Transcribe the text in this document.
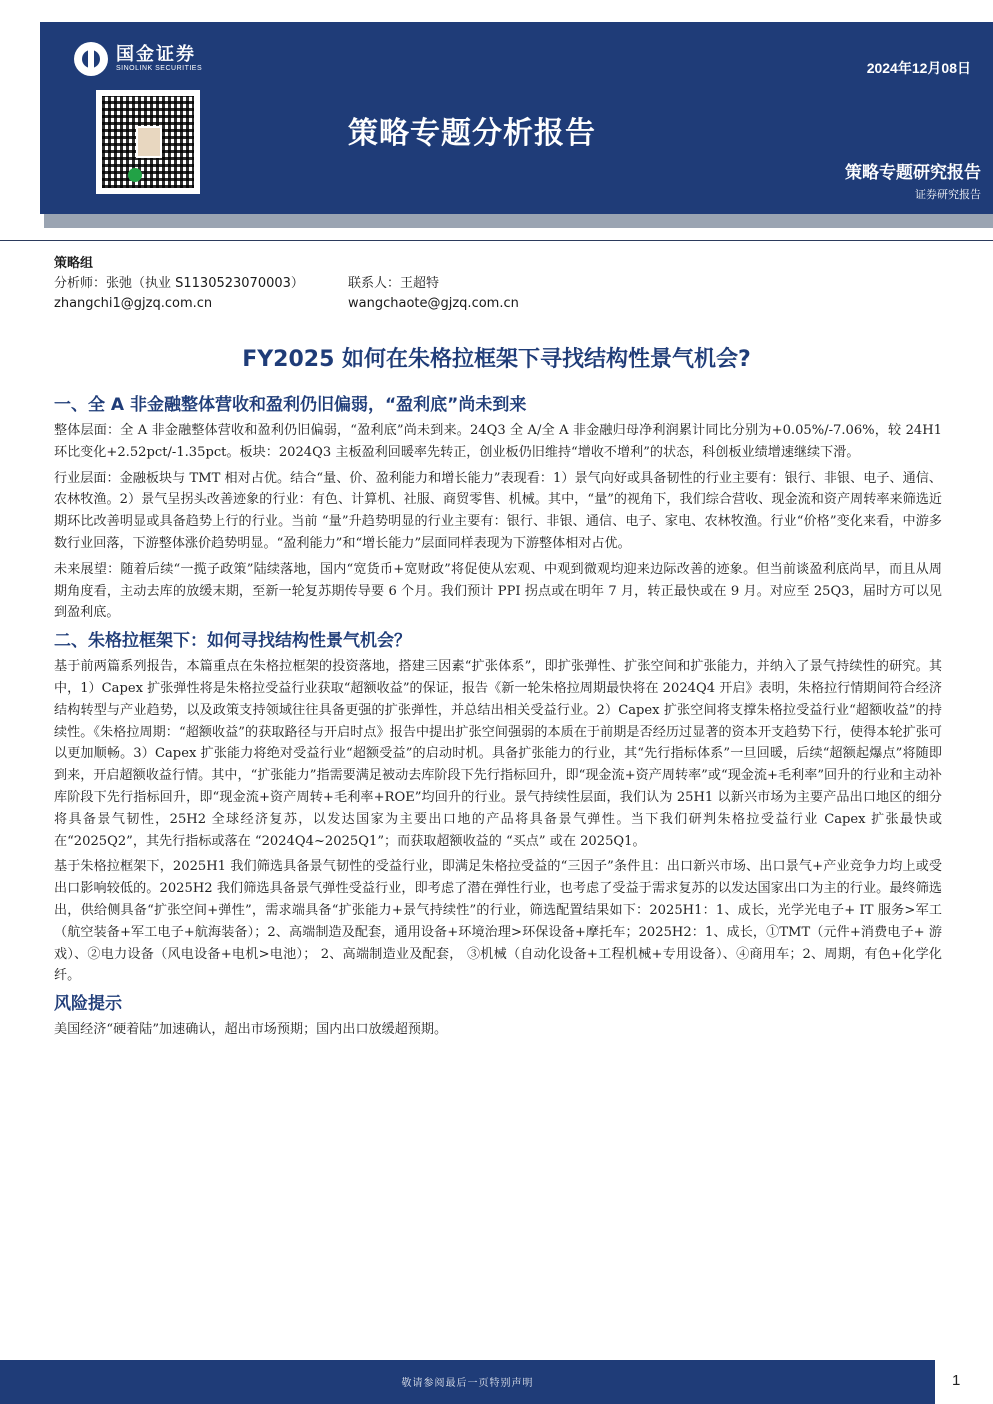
国金证券
SINOLINK SECURITIES	2024年12月08日
策略专题分析报告
策略专题研究报告
证券研究报告
策略组
分析师：张弛（执业 S1130523070003）	联系人：王超特
zhangchi1@gjzq.com.cn	wangchaote@gjzq.com.cn
FY2025 如何在朱格拉框架下寻找结构性景气机会?
一、全 A 非金融整体营收和盈利仍旧偏弱，“盈利底”尚未到来

整体层面：全 A 非金融整体营收和盈利仍旧偏弱，“盈利底”尚未到来。24Q3 全 A/全 A 非金融归母净利润累计同比分别为+0.05%/-7.06%，较 24H1 环比变化+2.52pct/-1.35pct。板块：2024Q3 主板盈利回暖率先转正，创业板仍旧维持“增收不增利”的状态，科创板业绩增速继续下滑。

行业层面：金融板块与 TMT 相对占优。结合“量、价、盈利能力和增长能力”表现看：1）景气向好或具备韧性的行业主要有：银行、非银、电子、通信、农林牧渔。2）景气呈拐头改善迹象的行业：有色、计算机、社服、商贸零售、机械。其中，“量”的视角下，我们综合营收、现金流和资产周转率来筛选近期环比改善明显或具备趋势上行的行业。当前 “量”升趋势明显的行业主要有：银行、非银、通信、电子、家电、农林牧渔。行业“价格”变化来看，中游多数行业回落，下游整体涨价趋势明显。“盈利能力”和“增长能力”层面同样表现为下游整体相对占优。

未来展望：随着后续“一揽子政策”陆续落地，国内“宽货币+宽财政”将促使从宏观、中观到微观均迎来边际改善的迹象。但当前谈盈利底尚早，而且从周期角度看，主动去库的放缓末期，至新一轮复苏期传导要 6 个月。我们预计 PPI 拐点或在明年 7 月，转正最快或在 9 月。对应至 25Q3，届时方可以见到盈利底。

二、朱格拉框架下：如何寻找结构性景气机会？

基于前两篇系列报告，本篇重点在朱格拉框架的投资落地，搭建三因素“扩张体系”，即扩张弹性、扩张空间和扩张能力，并纳入了景气持续性的研究。其中，1）Capex 扩张弹性将是朱格拉受益行业获取“超额收益”的保证，报告《新一轮朱格拉周期最快将在 2024Q4 开启》表明，朱格拉行情期间符合经济结构转型与产业趋势，以及政策支持领域往往具备更强的扩张弹性，并总结出相关受益行业。2）Capex 扩张空间将支撑朱格拉受益行业“超额收益”的持续性。《朱格拉周期：“超额收益”的获取路径与开启时点》报告中提出扩张空间强弱的本质在于前期是否经历过显著的资本开支趋势下行，使得本轮扩张可以更加顺畅。3）Capex 扩张能力将绝对受益行业“超额受益”的启动时机。具备扩张能力的行业，其“先行指标体系”一旦回暖，后续“超额起爆点”将随即到来，开启超额收益行情。其中，“扩张能力”指需要满足被动去库阶段下先行指标回升，即“现金流+资产周转率”或“现金流+毛利率”回升的行业和主动补库阶段下先行指标回升，即“现金流+资产周转+毛利率+ROE”均回升的行业。景气持续性层面，我们认为 25H1 以新兴市场为主要产品出口地区的细分将具备景气韧性，25H2 全球经济复苏，以发达国家为主要出口地的产品将具备景气弹性。当下我们研判朱格拉受益行业 Capex 扩张最快或在“2025Q2”，其先行指标或落在 “2024Q4~2025Q1”；而获取超额收益的 “买点” 或在 2025Q1。

基于朱格拉框架下，2025H1 我们筛选具备景气韧性的受益行业，即满足朱格拉受益的“三因子”条件且：出口新兴市场、出口景气+产业竞争力均上或受出口影响较低的。2025H2 我们筛选具备景气弹性受益行业，即考虑了潜在弹性行业，也考虑了受益于需求复苏的以发达国家出口为主的行业。最终筛选出，供给侧具备“扩张空间+弹性”，需求端具备“扩张能力+景气持续性”的行业，筛选配置结果如下：2025H1：1、成长，光学光电子+ IT 服务>军工（航空装备+军工电子+航海装备）；2、高端制造及配套，通用设备+环境治理>环保设备+摩托车；2025H2：1、成长，①TMT（元件+消费电子+ 游戏）、②电力设备（风电设备+电机>电池）； 2、高端制造业及配套， ③机械（自动化设备+工程机械+专用设备）、④商用车；2、周期，有色+化学化纤。

风险提示

美国经济“硬着陆”加速确认，超出市场预期；国内出口放缓超预期。

敬请参阅最后一页特别声明	1
